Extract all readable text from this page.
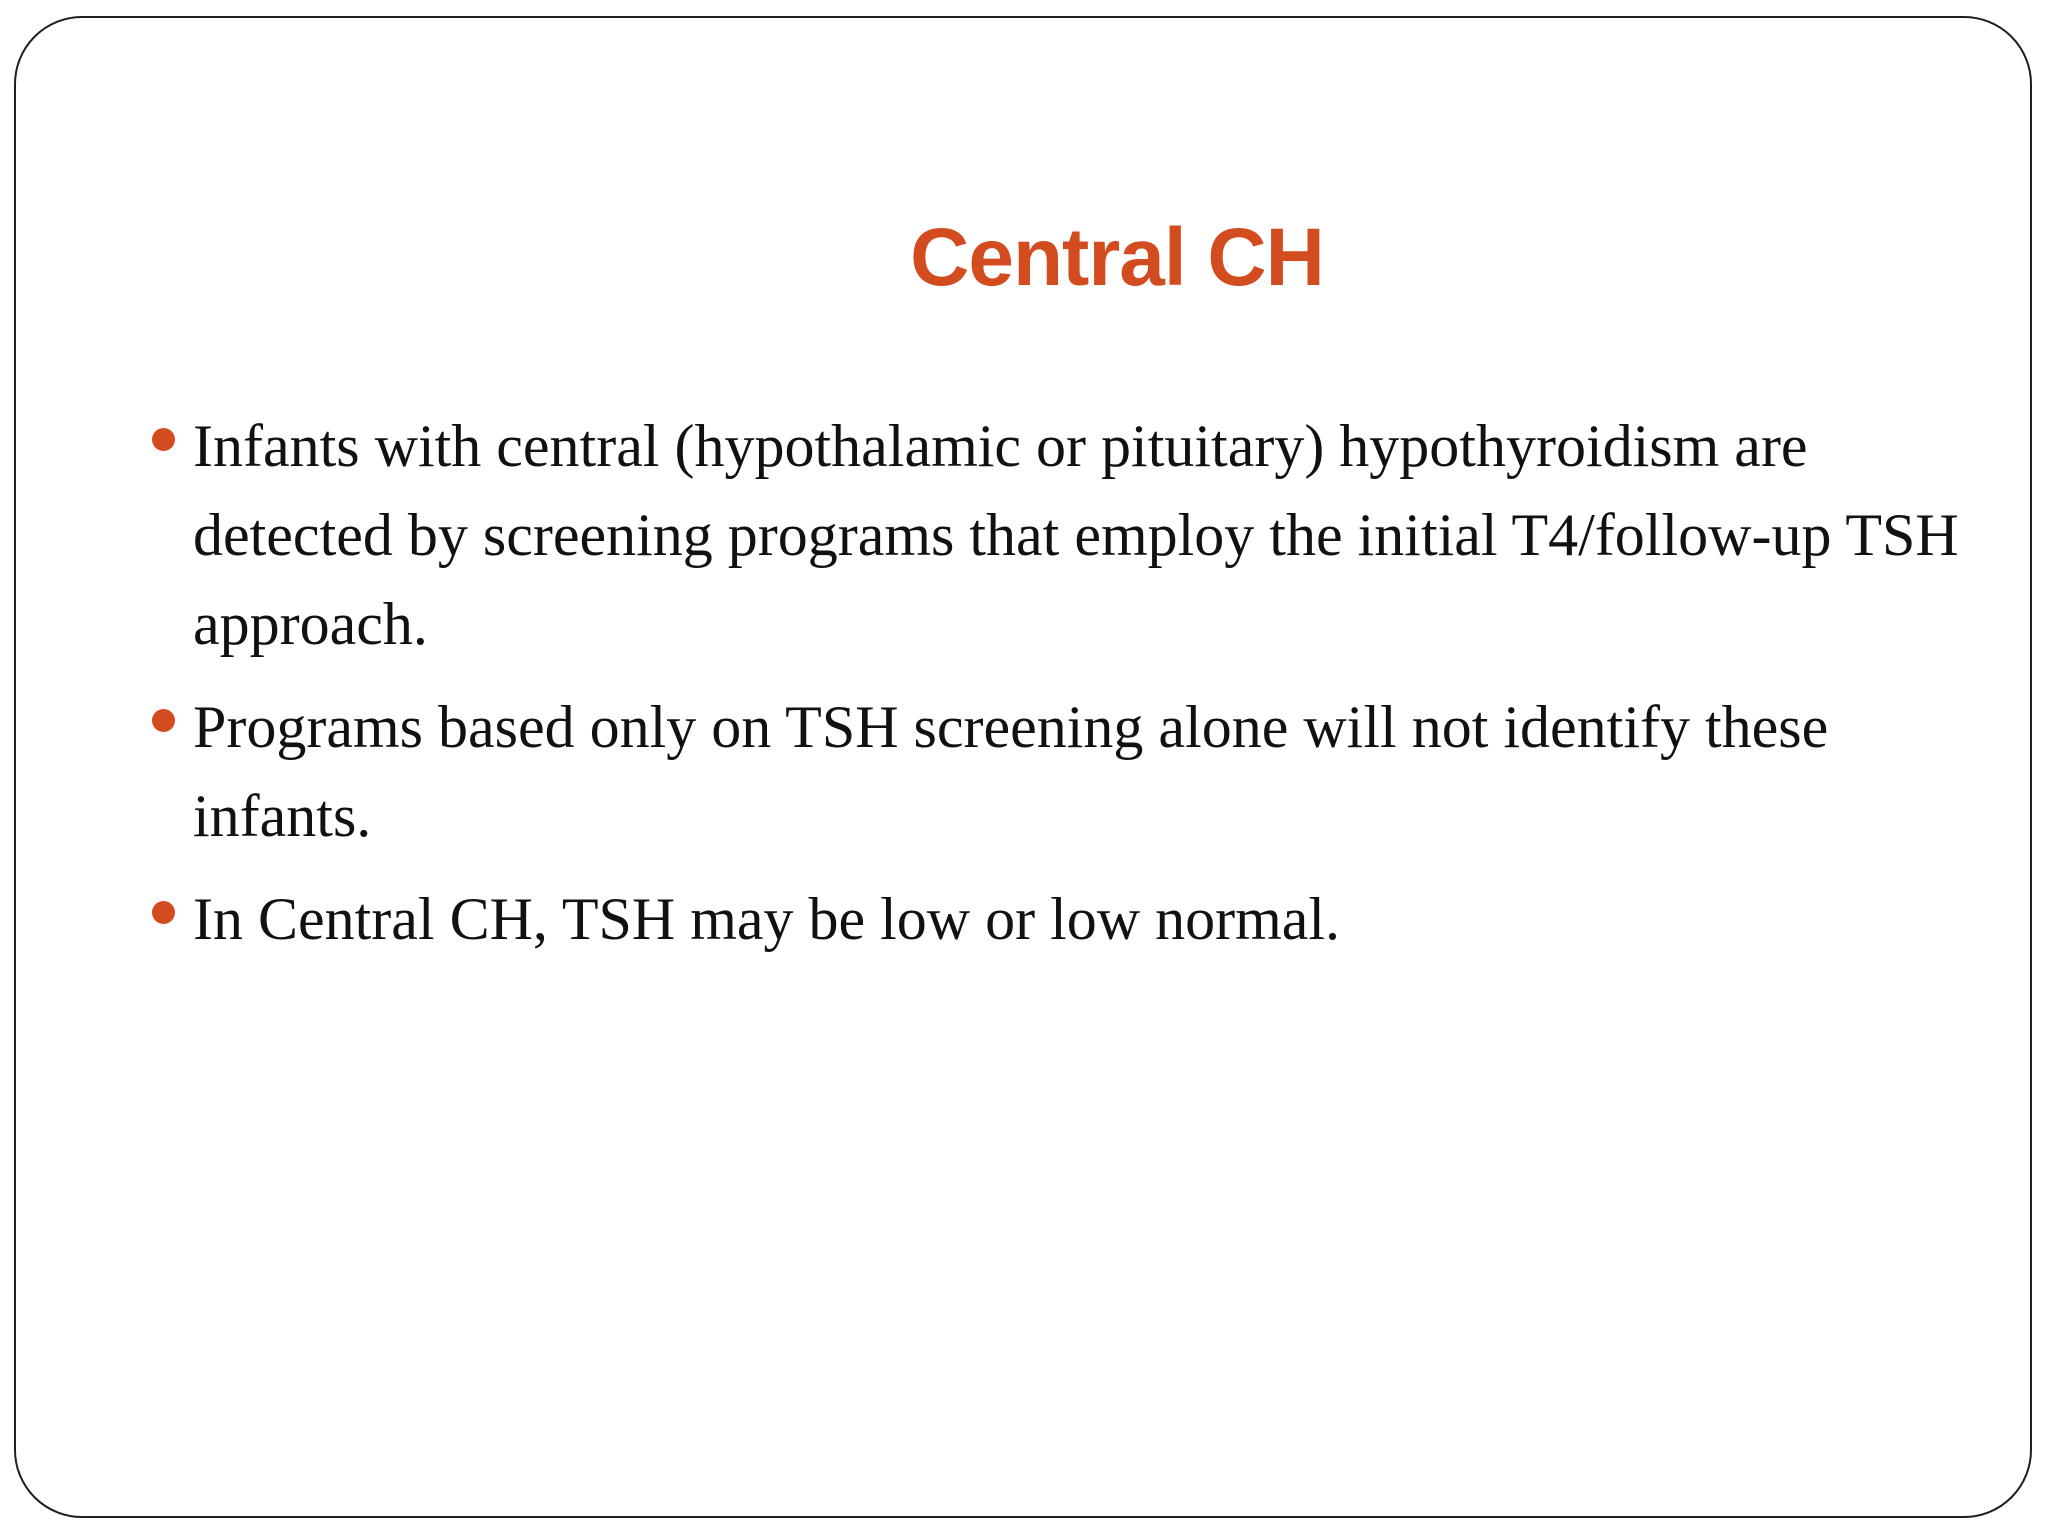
Central CH
Infants with central (hypothalamic or pituitary) hypothyroidism are detected by screening programs that employ the initial T4/follow-up TSH approach.
Programs based only on TSH screening alone will not identify these infants.
In Central CH, TSH may be low or low normal.
